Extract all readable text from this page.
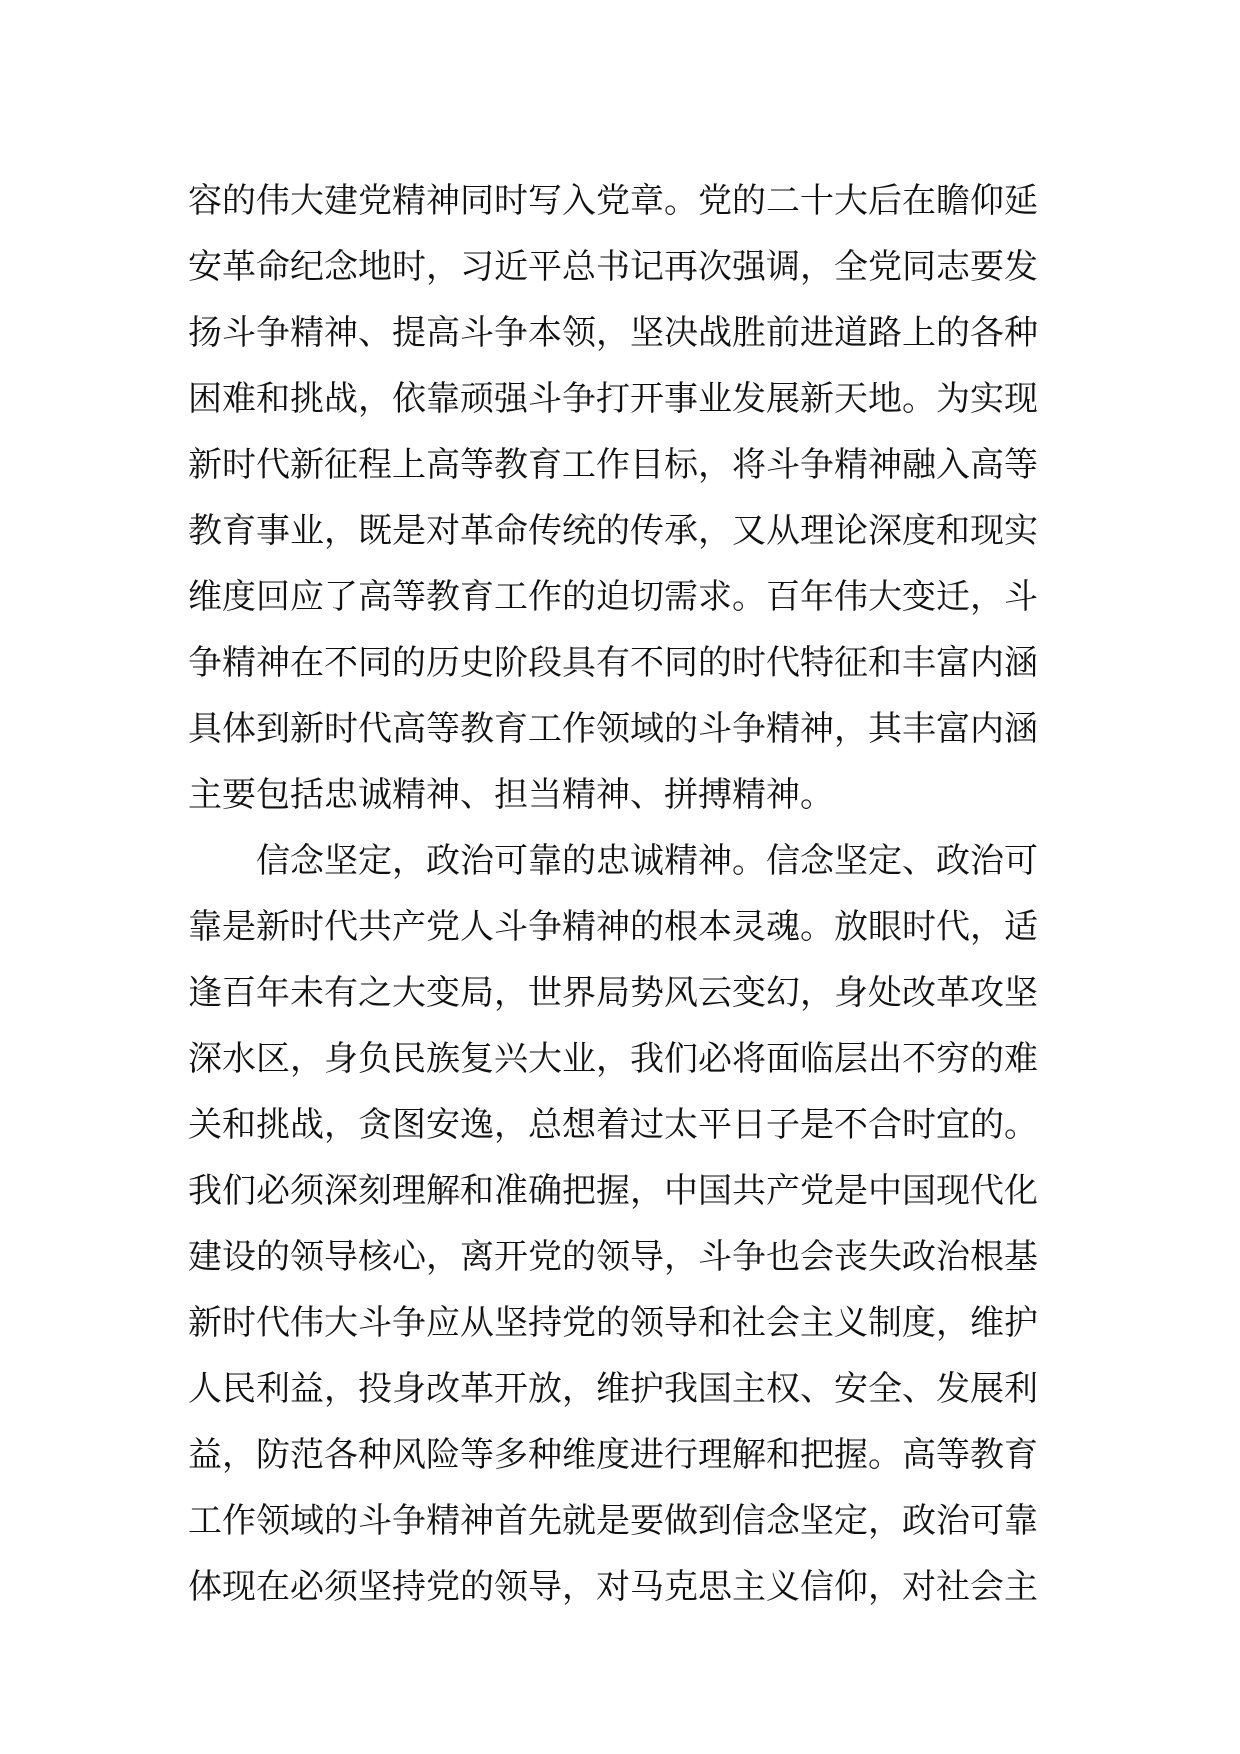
容的伟大建党精神同时写入党章。党的二十大后在瞻仰延
安革命纪念地时，习近平总书记再次强调，全党同志要发
扬斗争精神、提高斗争本领，坚决战胜前进道路上的各种
困难和挑战，依靠顽强斗争打开事业发展新天地。为实现
新时代新征程上高等教育工作目标，将斗争精神融入高等
教育事业，既是对革命传统的传承，又从理论深度和现实
维度回应了高等教育工作的迫切需求。百年伟大变迁，斗
争精神在不同的历史阶段具有不同的时代特征和丰富内涵
具体到新时代高等教育工作领域的斗争精神，其丰富内涵
主要包括忠诚精神、担当精神、拼搏精神。
信念坚定，政治可靠的忠诚精神。信念坚定、政治可
靠是新时代共产党人斗争精神的根本灵魂。放眼时代，适
逢百年未有之大变局，世界局势风云变幻，身处改革攻坚
深水区，身负民族复兴大业，我们必将面临层出不穷的难
关和挑战，贪图安逸，总想着过太平日子是不合时宜的。
我们必须深刻理解和准确把握，中国共产党是中国现代化
建设的领导核心，离开党的领导，斗争也会丧失政治根基
新时代伟大斗争应从坚持党的领导和社会主义制度，维护
人民利益，投身改革开放，维护我国主权、安全、发展利
益，防范各种风险等多种维度进行理解和把握。高等教育
工作领域的斗争精神首先就是要做到信念坚定，政治可靠
体现在必须坚持党的领导，对马克思主义信仰，对社会主
